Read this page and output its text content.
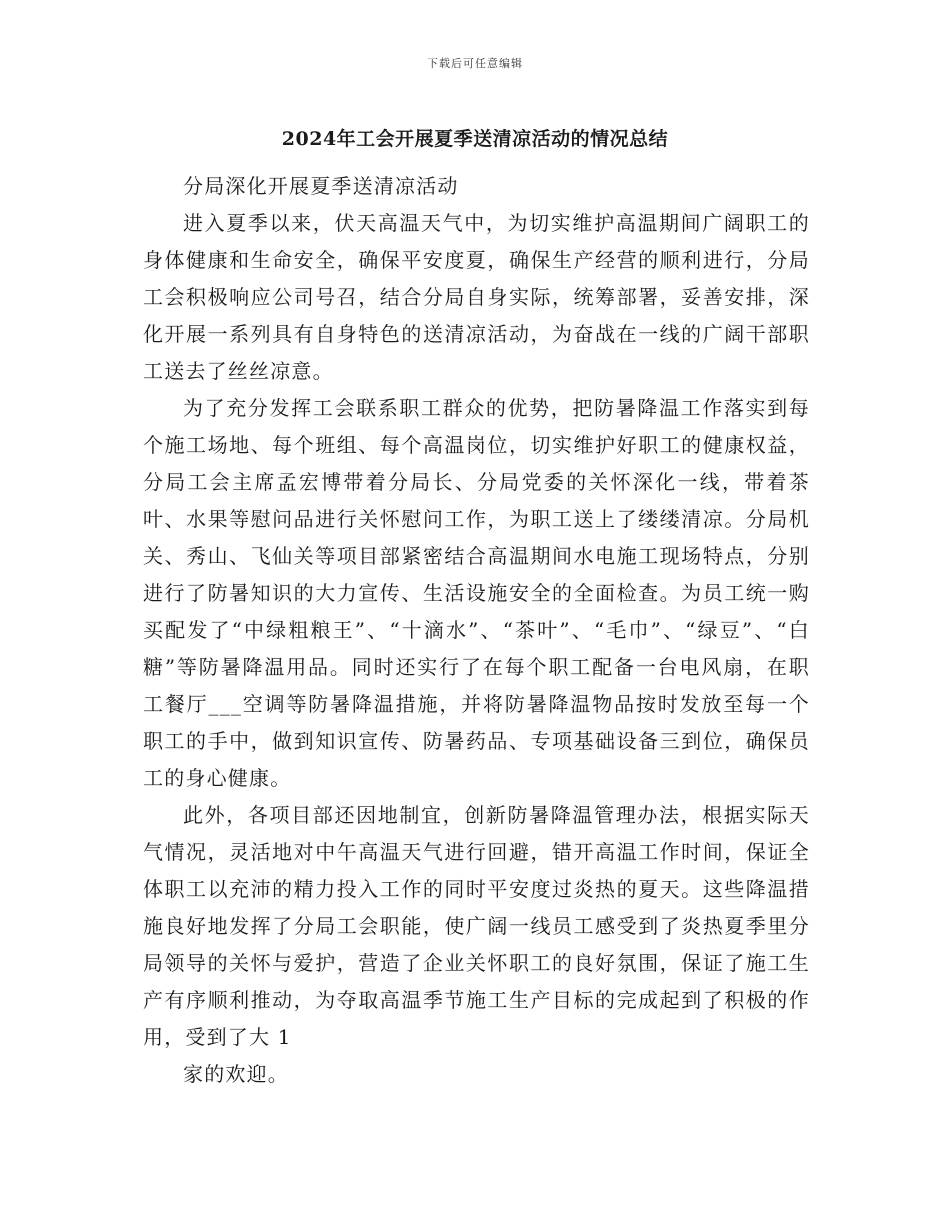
下载后可任意编辑
2024年工会开展夏季送清凉活动的情况总结

分局深化开展夏季送清凉活动

进入夏季以来，伏天高温天气中，为切实维护高温期间广阔职工的身体健康和生命安全，确保平安度夏，确保生产经营的顺利进行，分局工会积极响应公司号召，结合分局自身实际，统筹部署，妥善安排，深化开展一系列具有自身特色的送清凉活动，为奋战在一线的广阔干部职工送去了丝丝凉意。

为了充分发挥工会联系职工群众的优势，把防暑降温工作落实到每个施工场地、每个班组、每个高温岗位，切实维护好职工的健康权益，分局工会主席孟宏博带着分局长、分局党委的关怀深化一线，带着茶叶、水果等慰问品进行关怀慰问工作，为职工送上了缕缕清凉。分局机关、秀山、飞仙关等项目部紧密结合高温期间水电施工现场特点，分别进行了防暑知识的大力宣传、生活设施安全的全面检查。为员工统一购买配发了“中绿粗粮王”、“十滴水”、“茶叶”、“毛巾”、“绿豆”、“白糖”等防暑降温用品。同时还实行了在每个职工配备一台电风扇，在职工餐厅___空调等防暑降温措施，并将防暑降温物品按时发放至每一个职工的手中，做到知识宣传、防暑药品、专项基础设备三到位，确保员工的身心健康。

此外，各项目部还因地制宜，创新防暑降温管理办法，根据实际天气情况，灵活地对中午高温天气进行回避，错开高温工作时间，保证全体职工以充沛的精力投入工作的同时平安度过炎热的夏天。这些降温措施良好地发挥了分局工会职能，使广阔一线员工感受到了炎热夏季里分局领导的关怀与爱护，营造了企业关怀职工的良好氛围，保证了施工生产有序顺利推动，为夺取高温季节施工生产目标的完成起到了积极的作用，受到了大 1

家的欢迎。
